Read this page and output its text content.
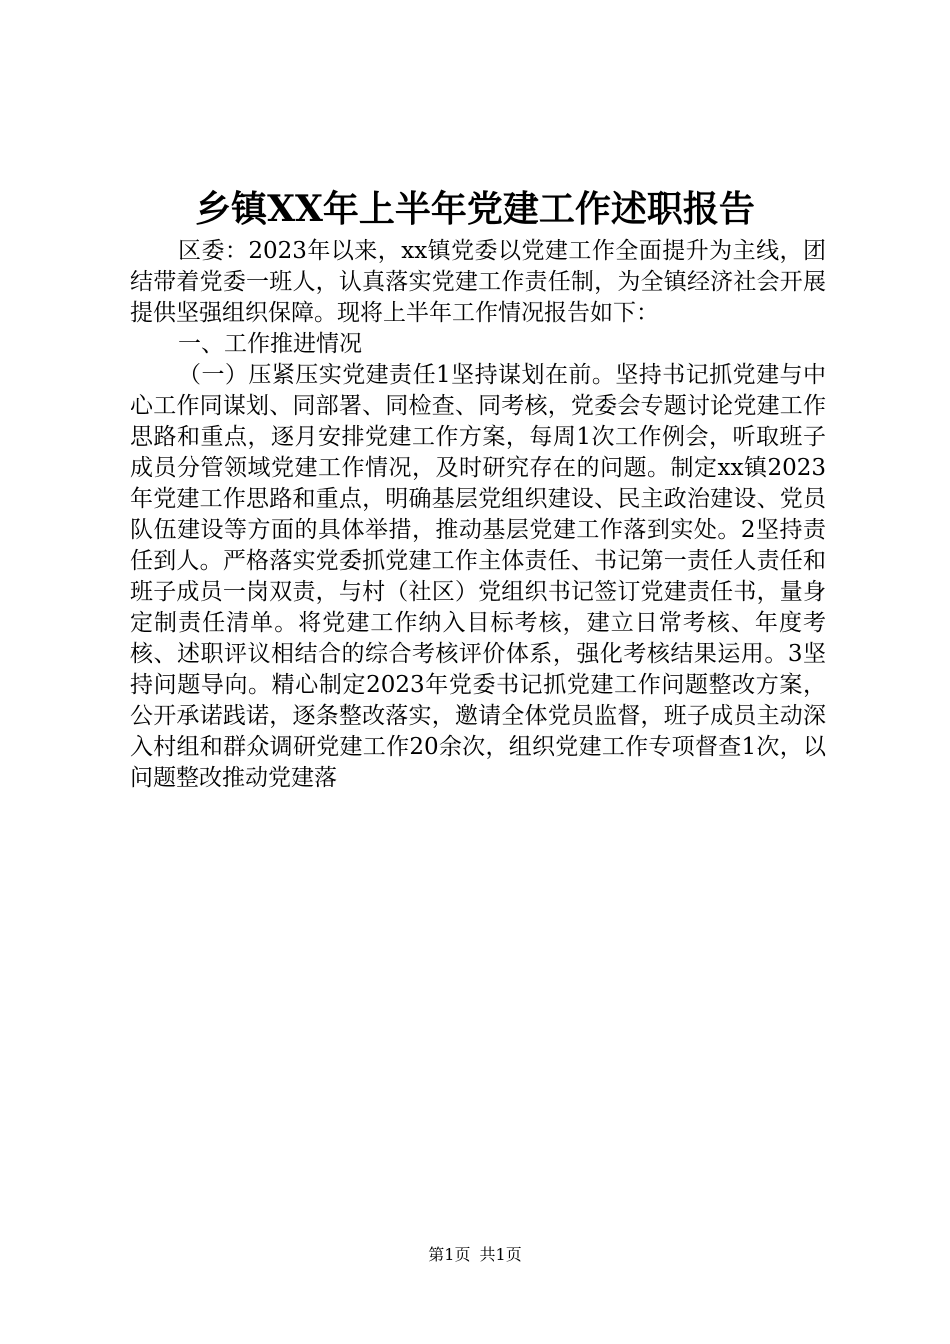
乡镇XX年上半年党建工作述职报告

区委：2023年以来，xx镇党委以党建工作全面提升为主线，团结带着党委一班人，认真落实党建工作责任制，为全镇经济社会开展提供坚强组织保障。现将上半年工作情况报告如下：

一、工作推进情况

（一）压紧压实党建责任1坚持谋划在前。坚持书记抓党建与中心工作同谋划、同部署、同检查、同考核，党委会专题讨论党建工作思路和重点，逐月安排党建工作方案，每周1次工作例会，听取班子成员分管领域党建工作情况，及时研究存在的问题。制定xx镇2023年党建工作思路和重点，明确基层党组织建设、民主政治建设、党员队伍建设等方面的具体举措，推动基层党建工作落到实处。2坚持责任到人。严格落实党委抓党建工作主体责任、书记第一责任人责任和班子成员一岗双责，与村（社区）党组织书记签订党建责任书，量身定制责任清单。将党建工作纳入目标考核，建立日常考核、年度考核、述职评议相结合的综合考核评价体系，强化考核结果运用。3坚持问题导向。精心制定2023年党委书记抓党建工作问题整改方案，公开承诺践诺，逐条整改落实，邀请全体党员监督，班子成员主动深入村组和群众调研党建工作20余次，组织党建工作专项督查1次，以问题整改推动党建落

第1页 共1页
